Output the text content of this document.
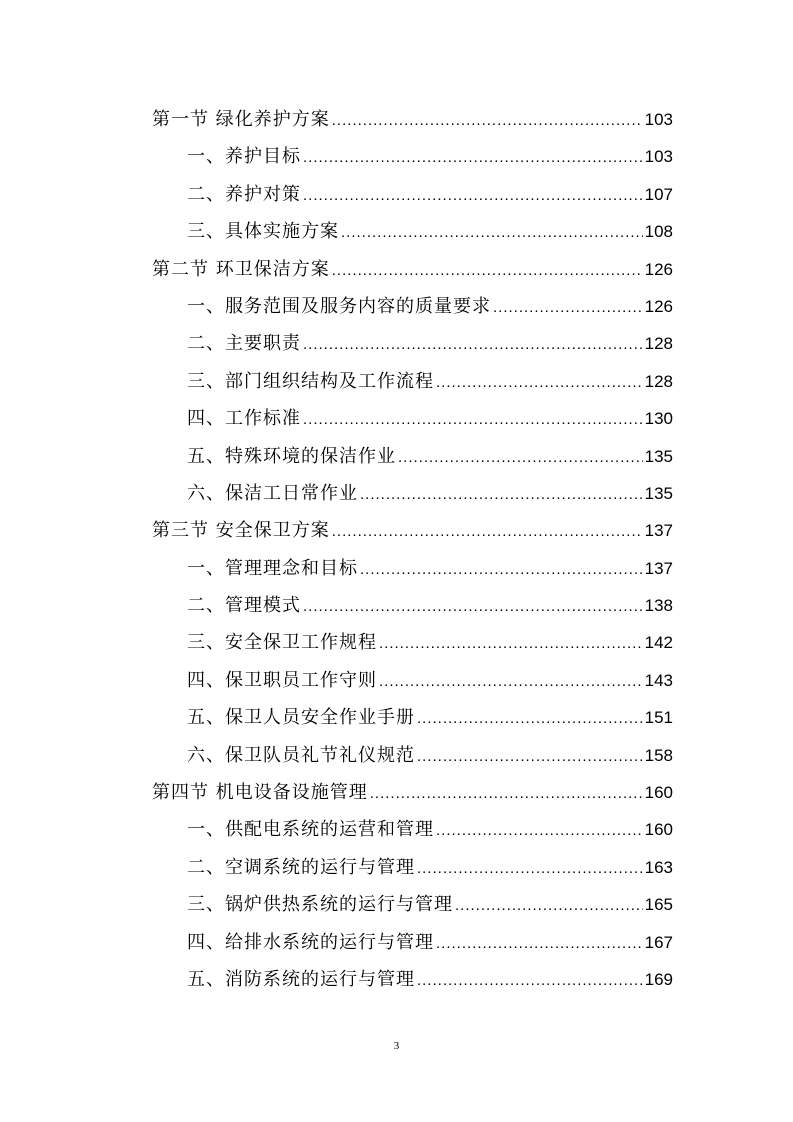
第一节 绿化养护方案 .....	103
一、养护目标 .....	103
二、养护对策 .....	107
三、具体实施方案 .....	108
第二节 环卫保洁方案 .....	126
一、服务范围及服务内容的质量要求 .....	126
二、主要职责 .....	128
三、部门组织结构及工作流程 .....	128
四、工作标准 .....	130
五、特殊环境的保洁作业 .....	135
六、保洁工日常作业 .....	135
第三节 安全保卫方案 .....	137
一、管理理念和目标 .....	137
二、管理模式 .....	138
三、安全保卫工作规程 .....	142
四、保卫职员工作守则 .....	143
五、保卫人员安全作业手册 .....	151
六、保卫队员礼节礼仪规范 .....	158
第四节 机电设备设施管理 .....	160
一、供配电系统的运营和管理 .....	160
二、空调系统的运行与管理 .....	163
三、锅炉供热系统的运行与管理 .....	165
四、给排水系统的运行与管理 .....	167
五、消防系统的运行与管理 .....	169
3
